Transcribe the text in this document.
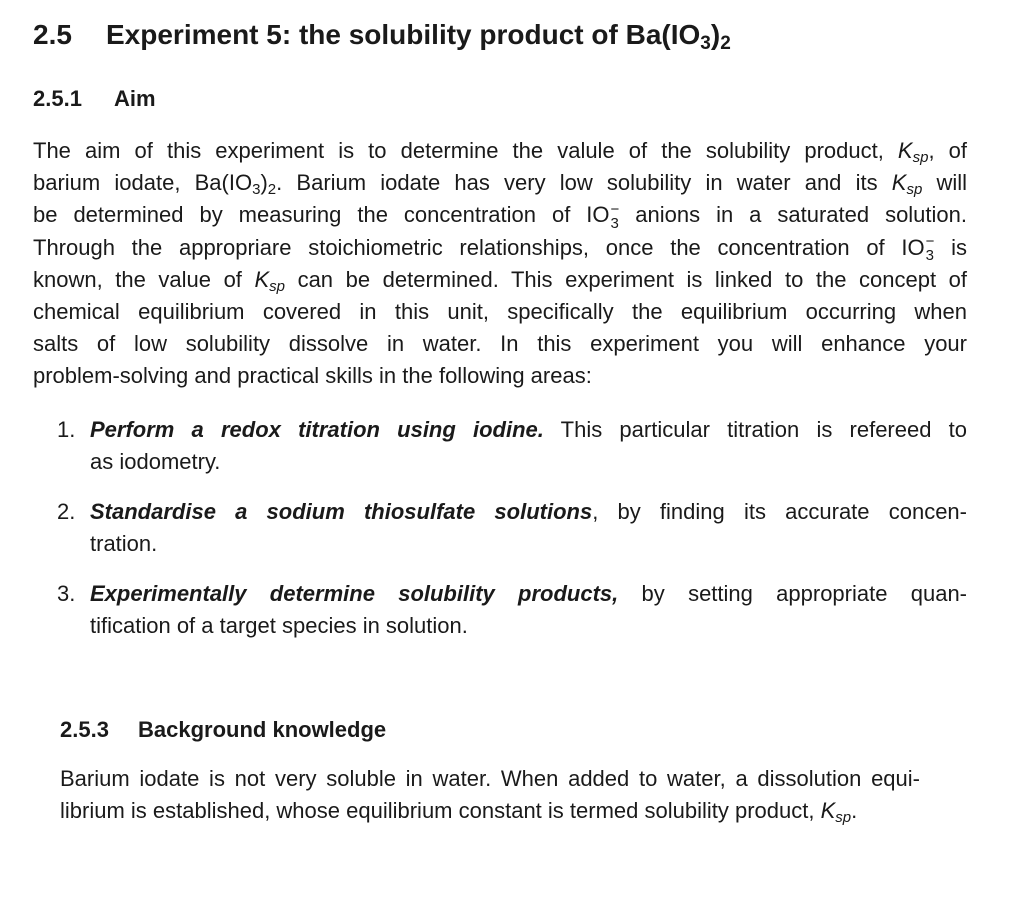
2.5 Experiment 5: the solubility product of $Ba(IO_3)_2$
2.5.1 Aim
The aim of this experiment is to determine the valule of the solubility product, $K_{sp}$, of
barium iodate, $Ba(IO_3)_2$. Barium iodate has very low solubility in water and its $K_{sp}$ will
be determined by measuring the concentration of IO −
3 anions in a saturated solution.
Through the appropriare stoichiometric relationships, once the concentration of IO −
3 is
known, the value of $K_{sp}$ can be determined. This experiment is linked to the concept of
chemical equilibrium covered in this unit, specifically the equilibrium occurring when
salts of low solubility dissolve in water. In this experiment you will enhance your
problem-solving and practical skills in the following areas:
1. Perform a redox titration using iodine. This particular titration is refereed to
as iodometry.
2. Standardise a sodium thiosulfate solutions, by finding its accurate concen-
tration.
3. Experimentally determine solubility products, by setting appropriate quan-
tification of a target species in solution.
2.5.3 Background knowledge
Barium iodate is not very soluble in water. When added to water, a dissolution equi-
librium is established, whose equilibrium constant is termed solubility product, $K_{sp}$.
